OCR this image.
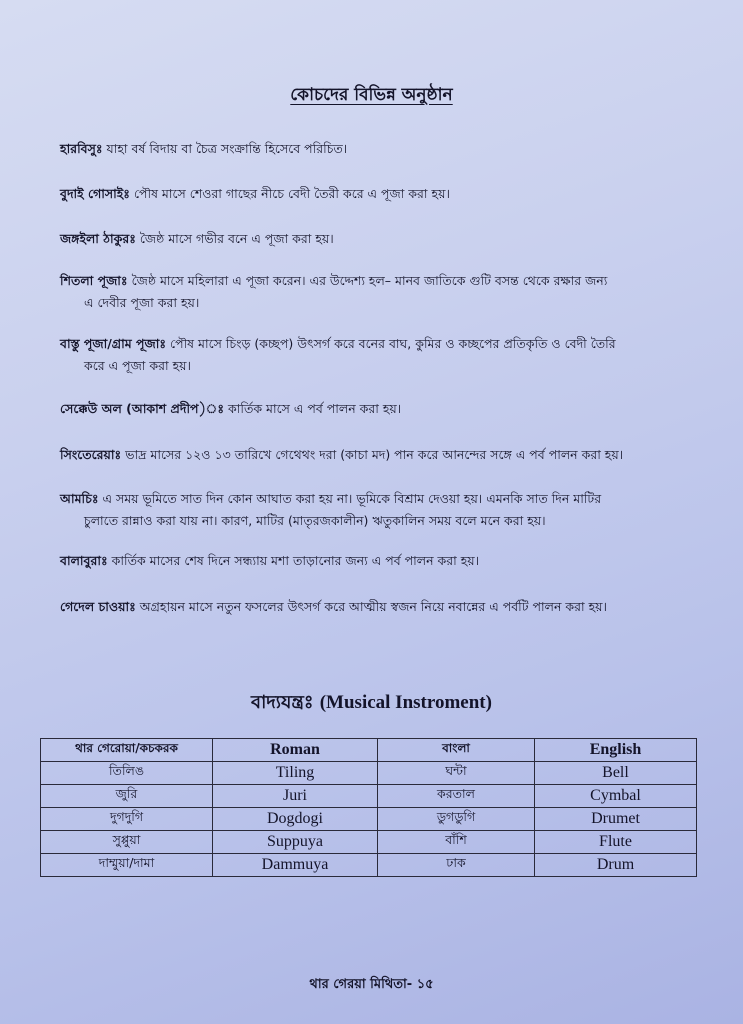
কোচদের বিভিন্ন অনুষ্ঠান
হারবিসুঃ যাহা বর্ষ বিদায় বা চৈত্র সংক্রান্তি হিসেবে পরিচিত।
বুদাই গোসাইঃ পৌষ মাসে শেওরা গাছের নীচে বেদী তৈরী করে এ পূজা করা হয়।
জঙ্গইলা ঠাকুরঃ জৈষ্ঠ মাসে গভীর বনে এ পূজা করা হয়।
শিতলা পূজাঃ জৈষ্ঠ মাসে মহিলারা এ পূজা করেন। এর উদ্দেশ্য হল– মানব জাতিকে গুটি বসন্ত থেকে রক্ষার জন্য
এ দেবীর পূজা করা হয়।
বাস্তু পূজা/গ্রাম পূজাঃ পৌষ মাসে চিংড় (কচ্ছপ) উৎসর্গ করে বনের বাঘ, কুমির ও কচ্ছপের প্রতিকৃতি ও বেদী তৈরি
করে এ পূজা করা হয়।
সেক্কেউ অল (আকাশ প্রদীপ)ঃ কার্তিক মাসে এ পর্ব পালন করা হয়।
সিংতেরেয়াঃ ভাদ্র মাসের ১২ও ১৩ তারিখে গেথেথং দরা (কাচা মদ) পান করে আনন্দের সঙ্গে এ পর্ব পালন করা হয়।
আমচিঃ এ সময় ভূমিতে সাত দিন কোন আঘাত করা হয় না। ভূমিকে বিশ্রাম দেওয়া হয়। এমনকি সাত দিন মাটির
চুলাতে রান্নাও করা যায় না। কারণ, মাটির (মাতৃরজকালীন) ঋতুকালিন সময় বলে মনে করা হয়।
বালাবুরাঃ কার্তিক মাসের শেষ দিনে সন্ধ্যায় মশা তাড়ানোর জন্য এ পর্ব পালন করা হয়।
গেদেল চাওয়াঃ অগ্রহায়ন মাসে নতুন ফসলের উৎসর্গ করে আত্মীয় স্বজন নিয়ে নবান্নের এ পর্বটি পালন করা হয়।
বাদ্যযন্ত্রঃ (Musical Instroment)
থার গেরোয়া/কচকরক	Roman	বাংলা	English
তিলিঙ	Tiling	ঘন্টা	Bell
জুরি	Juri	করতাল	Cymbal
দুগদুগি	Dogdogi	ডুগডুগি	Drumet
সুপ্পুয়া	Suppuya	বাঁশি	Flute
দাম্মুয়া/দামা	Dammuya	ঢাক	Drum
থার গেরয়া মিথিতা- ১৫
